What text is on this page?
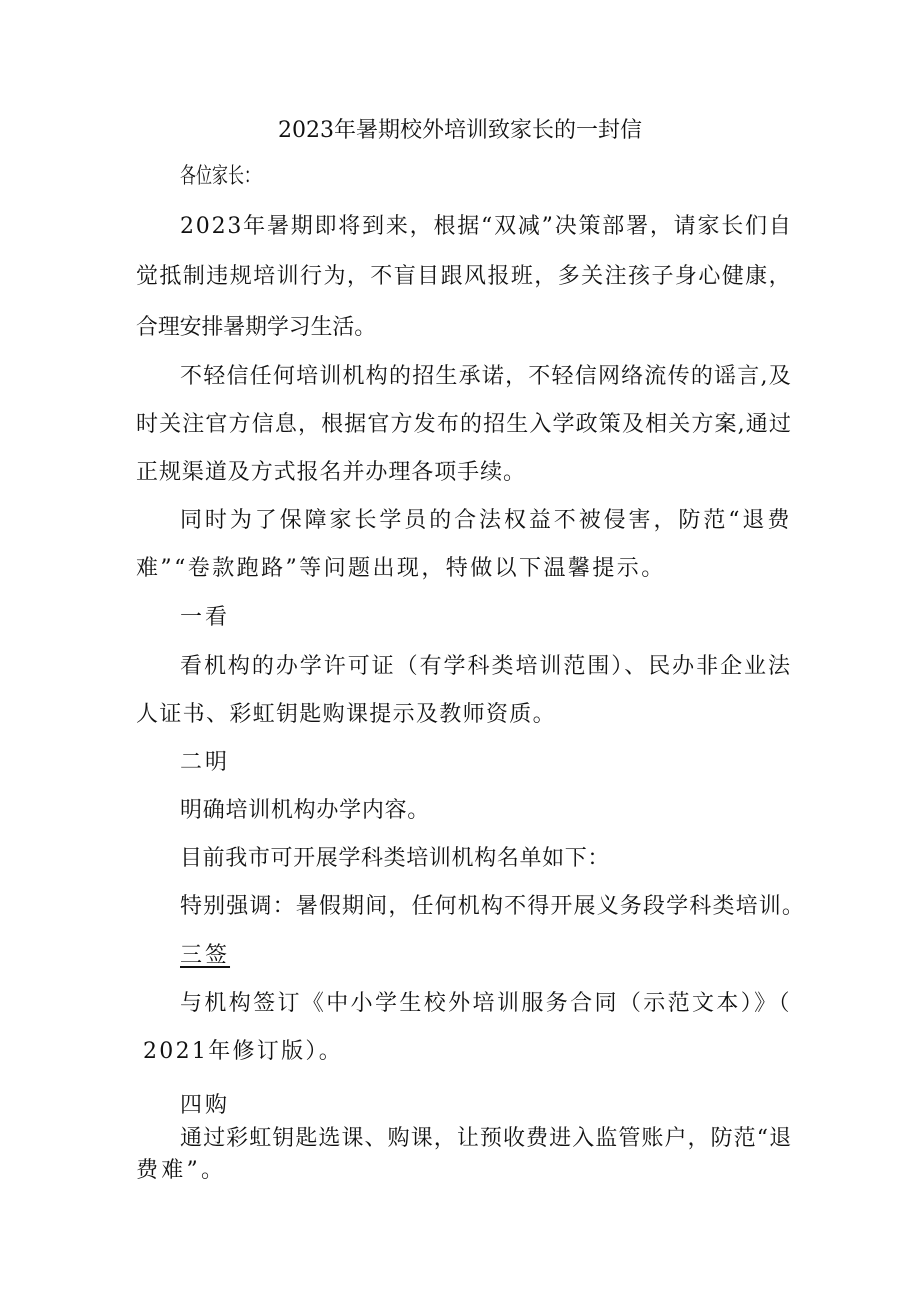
2023年暑期校外培训致家长的一封信
各位家长：
2023年暑期即将到来，根据“双减”决策部署，请家长们自
觉抵制违规培训行为，不盲目跟风报班，多关注孩子身心健康，
合理安排暑期学习生活。
不轻信任何培训机构的招生承诺，不轻信网络流传的谣言,及
时关注官方信息，根据官方发布的招生入学政策及相关方案,通过
正规渠道及方式报名并办理各项手续。
同时为了保障家长学员的合法权益不被侵害，防范“退费
难”“卷款跑路”等问题出现，特做以下温馨提示。
一看
看机构的办学许可证（有学科类培训范围）、民办非企业法
人证书、彩虹钥匙购课提示及教师资质。
二明
明确培训机构办学内容。
目前我市可开展学科类培训机构名单如下：
特别强调：暑假期间，任何机构不得开展义务段学科类培训。
三签
与机构签订《中小学生校外培训服务合同（示范文本）》（
2021年修订版）。
四购
通过彩虹钥匙选课、购课，让预收费进入监管账户，防范“退
费难”。
